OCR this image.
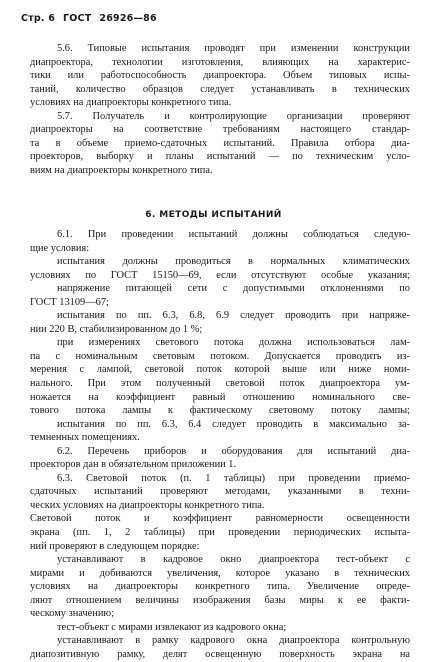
Стр. 6 ГОСТ 26926—86

5.6. Типовые испытания проводят при изменении конструкции

диапроектора, технологии изготовления, влияющих на характерис-

тики или работоспособность диапроектора. Объем типовых испы-

таний, количество образцов следует устанавливать в технических

условиях на диапроекторы конкретного типа.

5.7. Получатель и контролирующие организации проверяют

диапроекторы на соответствие требованиям настоящего стандар-

та в объеме приемо-сдаточных испытаний. Правила отбора диа-

проекторов, выборку и планы испытаний — по техническим усло-

виям на диапроекторы конкретного типа.

6. МЕТОДЫ ИСПЫТАНИЙ

6.1. При проведении испытаний должны соблюдаться следую-

щие условия:

испытания должны проводиться в нормальных климатических

условиях по ГОСТ 15150—69, если отсутствуют особые указания;

напряжение питающей сети с допустимыми отклонениями по

ГОСТ 13109—67;

испытания по пп. 6.3, 6.8, 6.9 следует проводить при напряже-

нии 220 В, стабилизированном до 1 %;

при измерениях светового потока должна использоваться лам-

па с номинальным световым потоком. Допускается проводить из-

мерения с лампой, световой поток которой выше или ниже номи-

нального. При этом полученный световой поток диапроектора ум-

ножается на коэффициент равный отношению номинального све-

тового потока лампы к фактическому световому потоку лампы;

испытания по пп. 6.3, 6.4 следует проводить в максимально за-

темненных помещениях.

6.2. Перечень приборов и оборудования для испытаний диа-

проекторов дан в обязательном приложении 1.

6.3. Световой поток (п. 1 таблицы) при проведении приемо-

сдаточных испытаний проверяют методами, указанными в техни-

ческих условиях на диапроекторы конкретного типа.

Световой поток и коэффициент равномерности освещенности

экрана (пп. 1, 2 таблицы) при проведении периодических испыта-

ний проверяют в следующем порядке:

устанавливают в кадровое окно диапроектора тест-объект с

мирами и добиваются увеличения, которое указано в технических

условиях на диапроекторы конкретного типа. Увеличение опреде-

ляют отношением величины изображения базы миры к ее факти-

ческому значению;

тест-объект с мирами извлекают из кадрового окна;

устанавливают в рамку кадрового окна диапроектора контрольную

диапозитивную рамку, делят освещенную поверхность экрана на
